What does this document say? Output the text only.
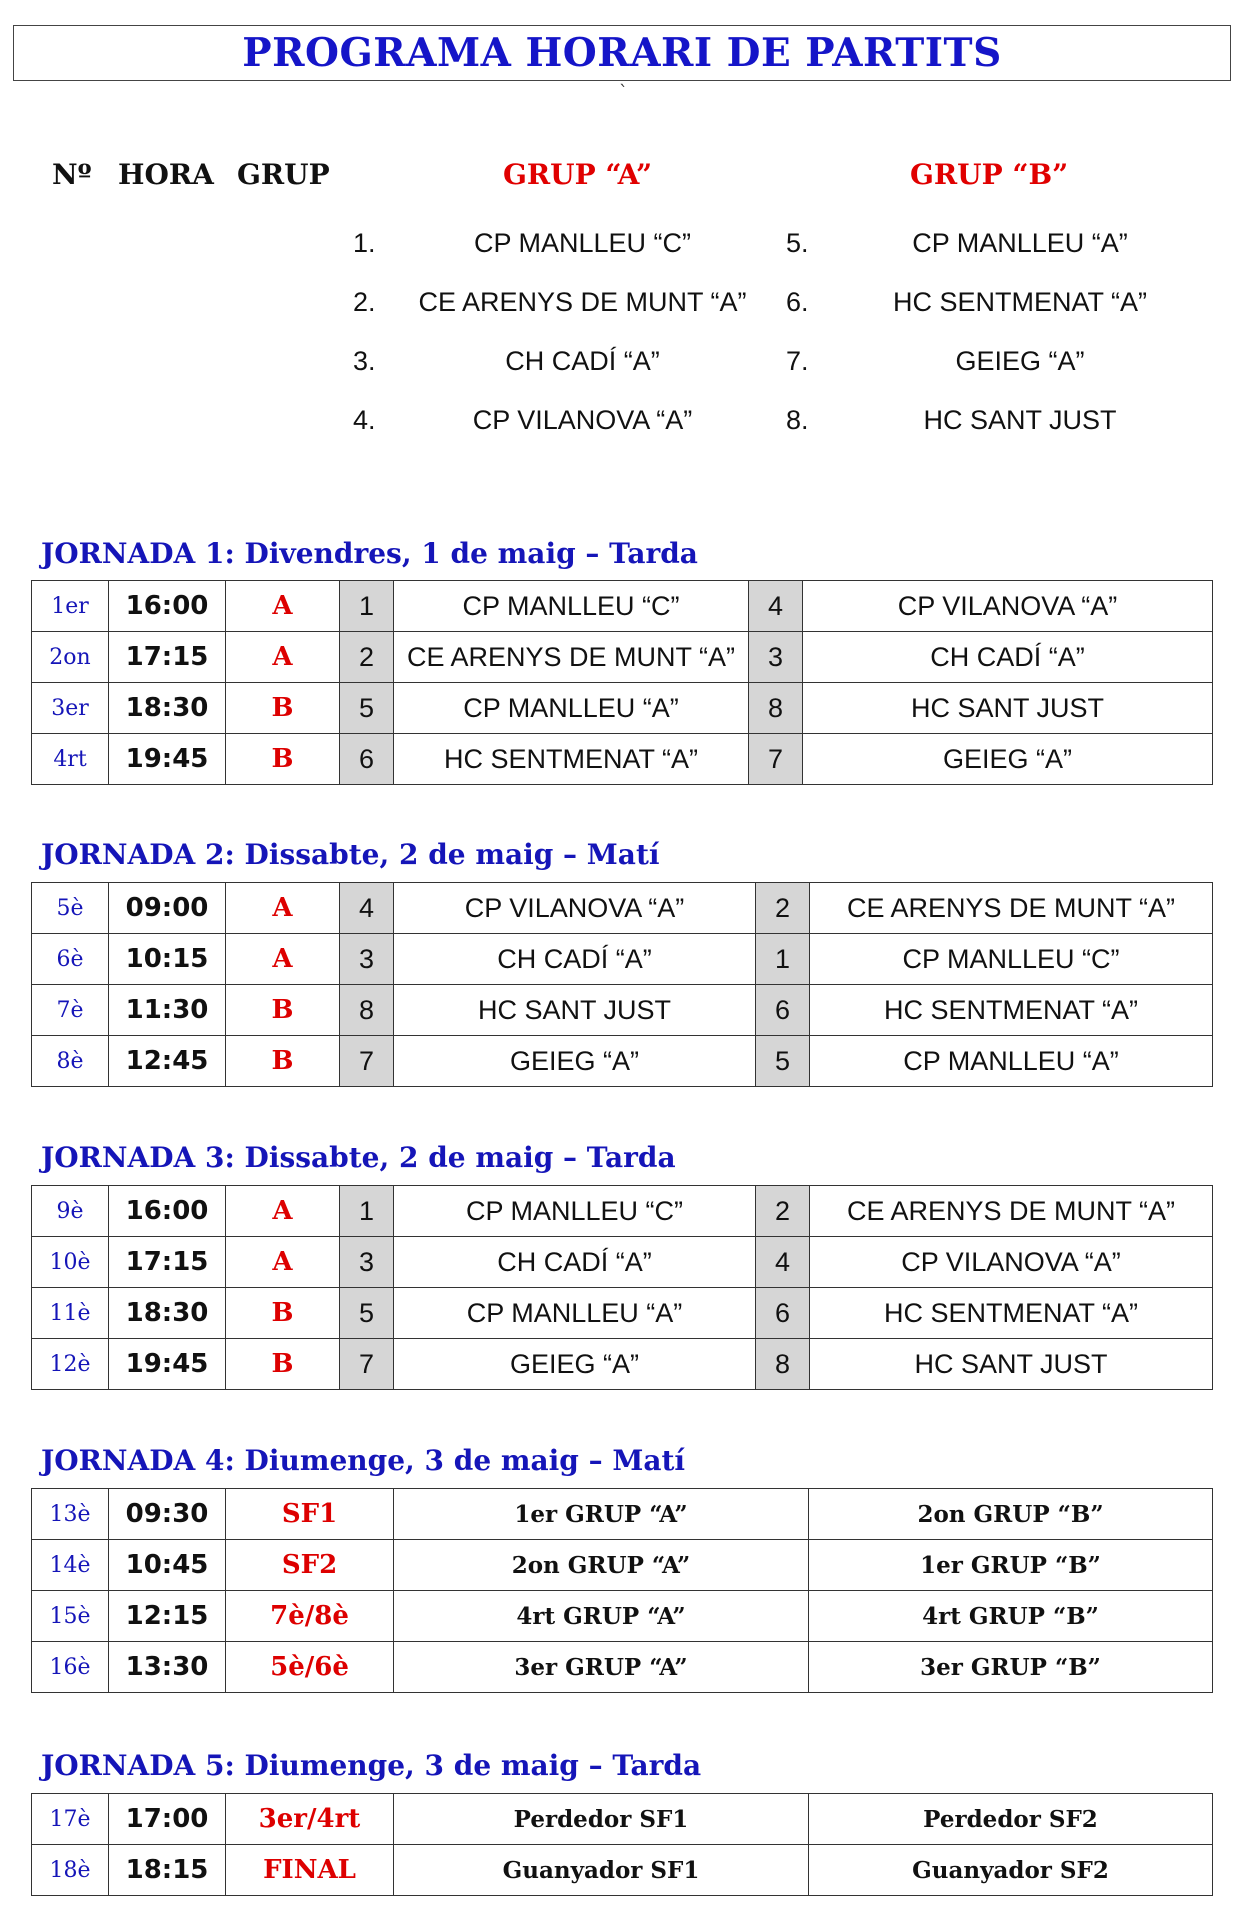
PROGRAMA HORARI DE PARTITS
`
Nº HORA GRUP	GRUP “A”	GRUP “B”
1.	CP MANLLEU “C”	5.	CP MANLLEU “A”
2.	CE ARENYS DE MUNT “A”	6.	HC SENTMENAT “A”
3.	CH CADÍ “A”	7.	GEIEG “A”
4.	CP VILANOVA “A”	8.	HC SANT JUST
JORNADA 1: Divendres, 1 de maig – Tarda
1er	16:00	A	1	CP MANLLEU “C”	4	CP VILANOVA “A”
2on	17:15	A	2	CE ARENYS DE MUNT “A”	3	CH CADÍ “A”
3er	18:30	B	5	CP MANLLEU “A”	8	HC SANT JUST
4rt	19:45	B	6	HC SENTMENAT “A”	7	GEIEG “A”
JORNADA 2: Dissabte, 2 de maig – Matí
5è	09:00	A	4	CP VILANOVA “A”	2	CE ARENYS DE MUNT “A”
6è	10:15	A	3	CH CADÍ “A”	1	CP MANLLEU “C”
7è	11:30	B	8	HC SANT JUST	6	HC SENTMENAT “A”
8è	12:45	B	7	GEIEG “A”	5	CP MANLLEU “A”
JORNADA 3: Dissabte, 2 de maig – Tarda
9è	16:00	A	1	CP MANLLEU “C”	2	CE ARENYS DE MUNT “A”
10è	17:15	A	3	CH CADÍ “A”	4	CP VILANOVA “A”
11è	18:30	B	5	CP MANLLEU “A”	6	HC SENTMENAT “A”
12è	19:45	B	7	GEIEG “A”	8	HC SANT JUST
JORNADA 4: Diumenge, 3 de maig – Matí
13è	09:30	SF1	1er GRUP “A”	2on GRUP “B”
14è	10:45	SF2	2on GRUP “A”	1er GRUP “B”
15è	12:15	7è/8è	4rt GRUP “A”	4rt GRUP “B”
16è	13:30	5è/6è	3er GRUP “A”	3er GRUP “B”
JORNADA 5: Diumenge, 3 de maig – Tarda
17è	17:00	3er/4rt	Perdedor SF1	Perdedor SF2
18è	18:15	FINAL	Guanyador SF1	Guanyador SF2
